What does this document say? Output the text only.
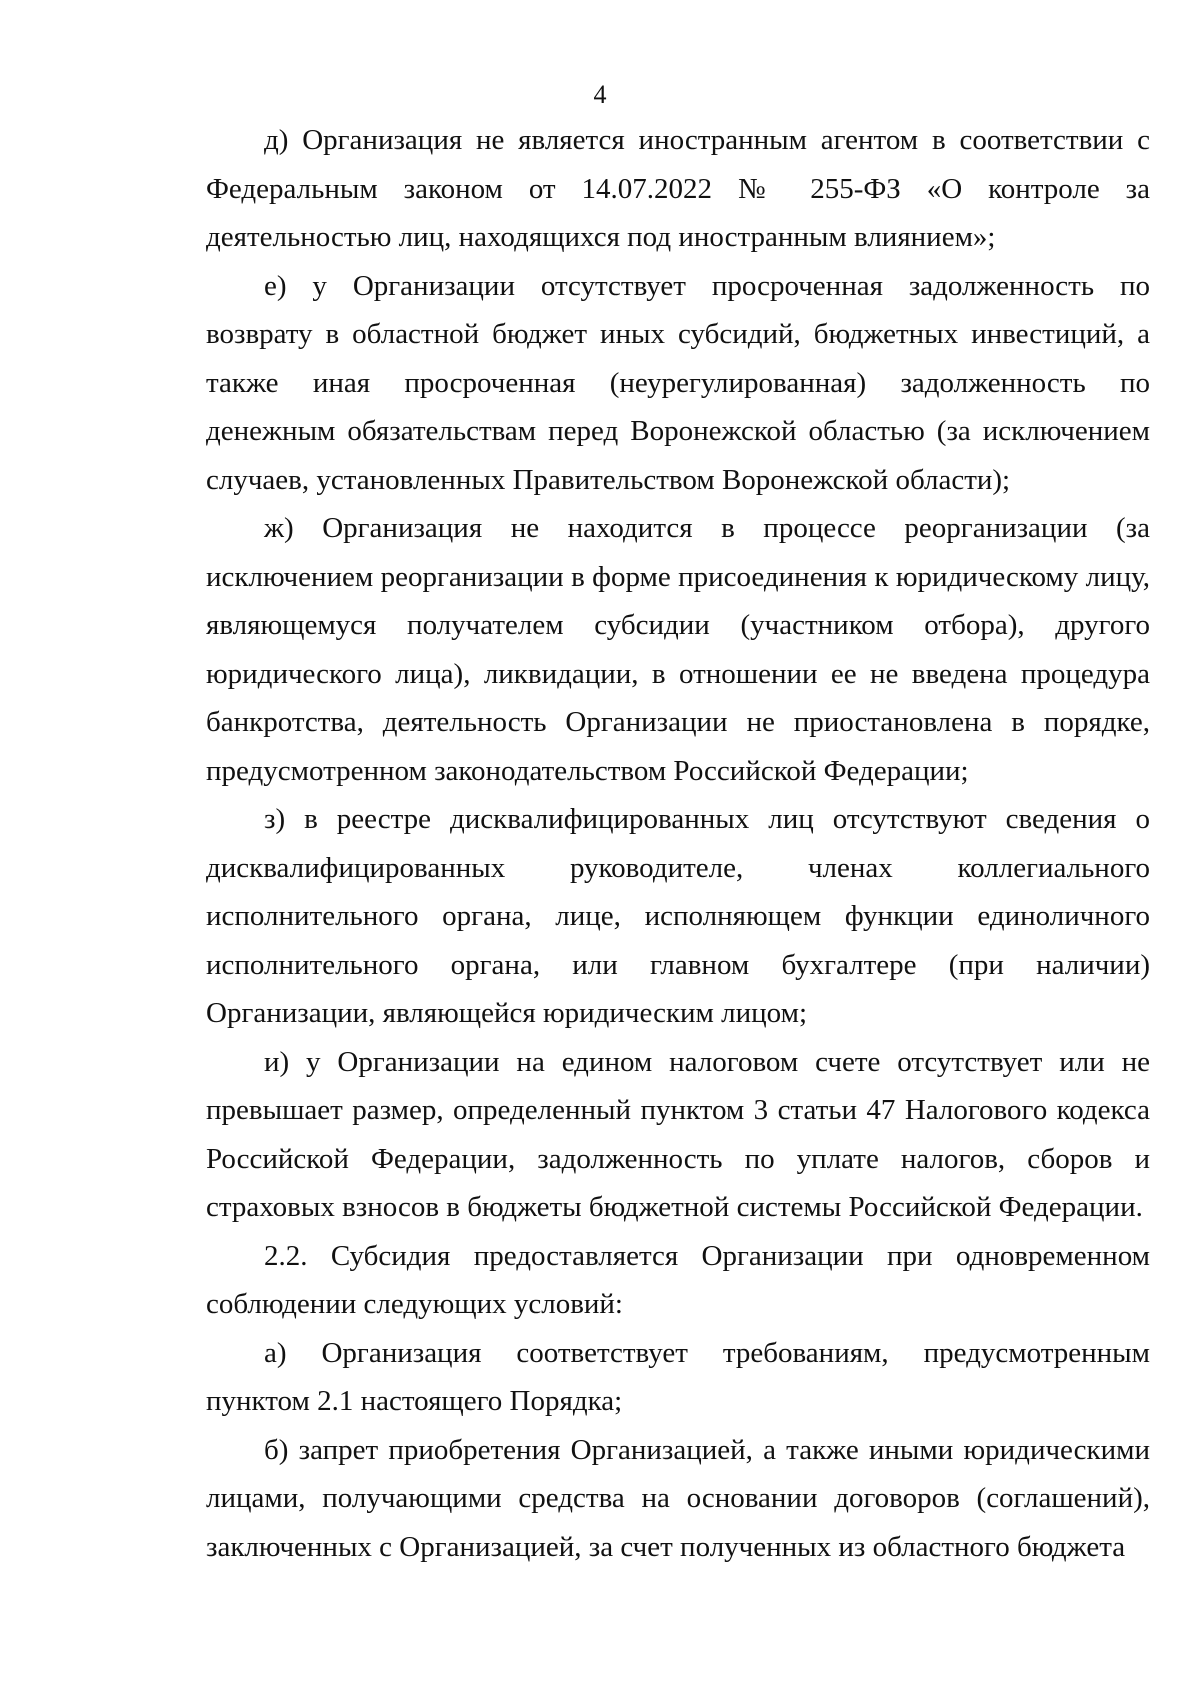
4

д) Организация не является иностранным агентом в соответствии с Федеральным законом от 14.07.2022 № 255-ФЗ «О контроле за деятельностью лиц, находящихся под иностранным влиянием»;

е) у Организации отсутствует просроченная задолженность по возврату в областной бюджет иных субсидий, бюджетных инвестиций, а также иная просроченная (неурегулированная) задолженность по денежным обязательствам перед Воронежской областью (за исключением случаев, установленных Правительством Воронежской области);

ж) Организация не находится в процессе реорганизации (за исключением реорганизации в форме присоединения к юридическому лицу, являющемуся получателем субсидии (участником отбора), другого юридического лица), ликвидации, в отношении ее не введена процедура банкротства, деятельность Организации не приостановлена в порядке, предусмотренном законодательством Российской Федерации;

з) в реестре дисквалифицированных лиц отсутствуют сведения о дисквалифицированных руководителе, членах коллегиального исполнительного органа, лице, исполняющем функции единоличного исполнительного органа, или главном бухгалтере (при наличии) Организации, являющейся юридическим лицом;

и) у Организации на едином налоговом счете отсутствует или не превышает размер, определенный пунктом 3 статьи 47 Налогового кодекса Российской Федерации, задолженность по уплате налогов, сборов и страховых взносов в бюджеты бюджетной системы Российской Федерации.

2.2. Субсидия предоставляется Организации при одновременном соблюдении следующих условий:

а) Организация соответствует требованиям, предусмотренным пунктом 2.1 настоящего Порядка;

б) запрет приобретения Организацией, а также иными юридическими лицами, получающими средства на основании договоров (соглашений), заключенных с Организацией, за счет полученных из областного бюджета
